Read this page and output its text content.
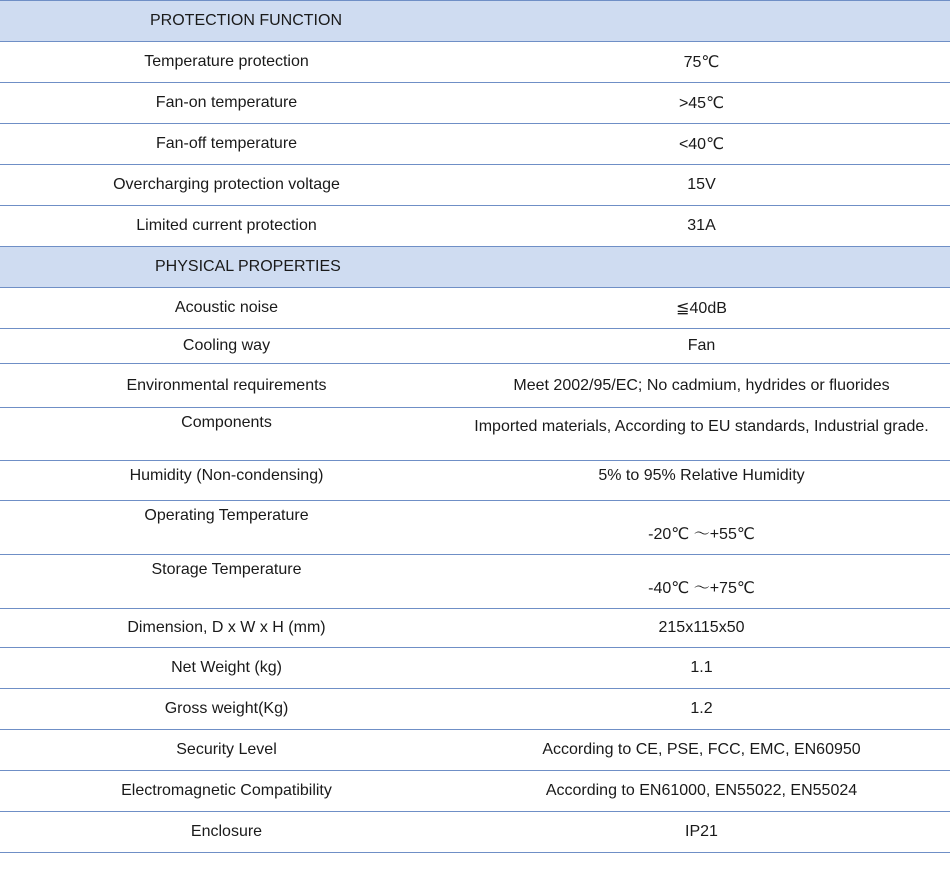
PROTECTION FUNCTION	
Temperature protection	75℃
Fan-on temperature	>45℃
Fan-off temperature	<40℃
Overcharging protection voltage	15V
Limited current protection	31A
PHYSICAL PROPERTIES	
Acoustic noise	≦40dB
Cooling way	Fan
Environmental requirements	Meet 2002/95/EC; No cadmium, hydrides or fluorides
Components	Imported materials, According to EU standards, Industrial grade.
Humidity (Non-condensing)	5% to 95% Relative Humidity
Operating Temperature	-20℃ ～+55℃
Storage Temperature	-40℃ ～+75℃
Dimension, D x W x H (mm)	215x115x50
Net Weight (kg)	1.1
Gross weight(Kg)	1.2
Security Level	According to CE, PSE, FCC, EMC, EN60950
Electromagnetic Compatibility	According to EN61000, EN55022, EN55024
Enclosure	IP21
